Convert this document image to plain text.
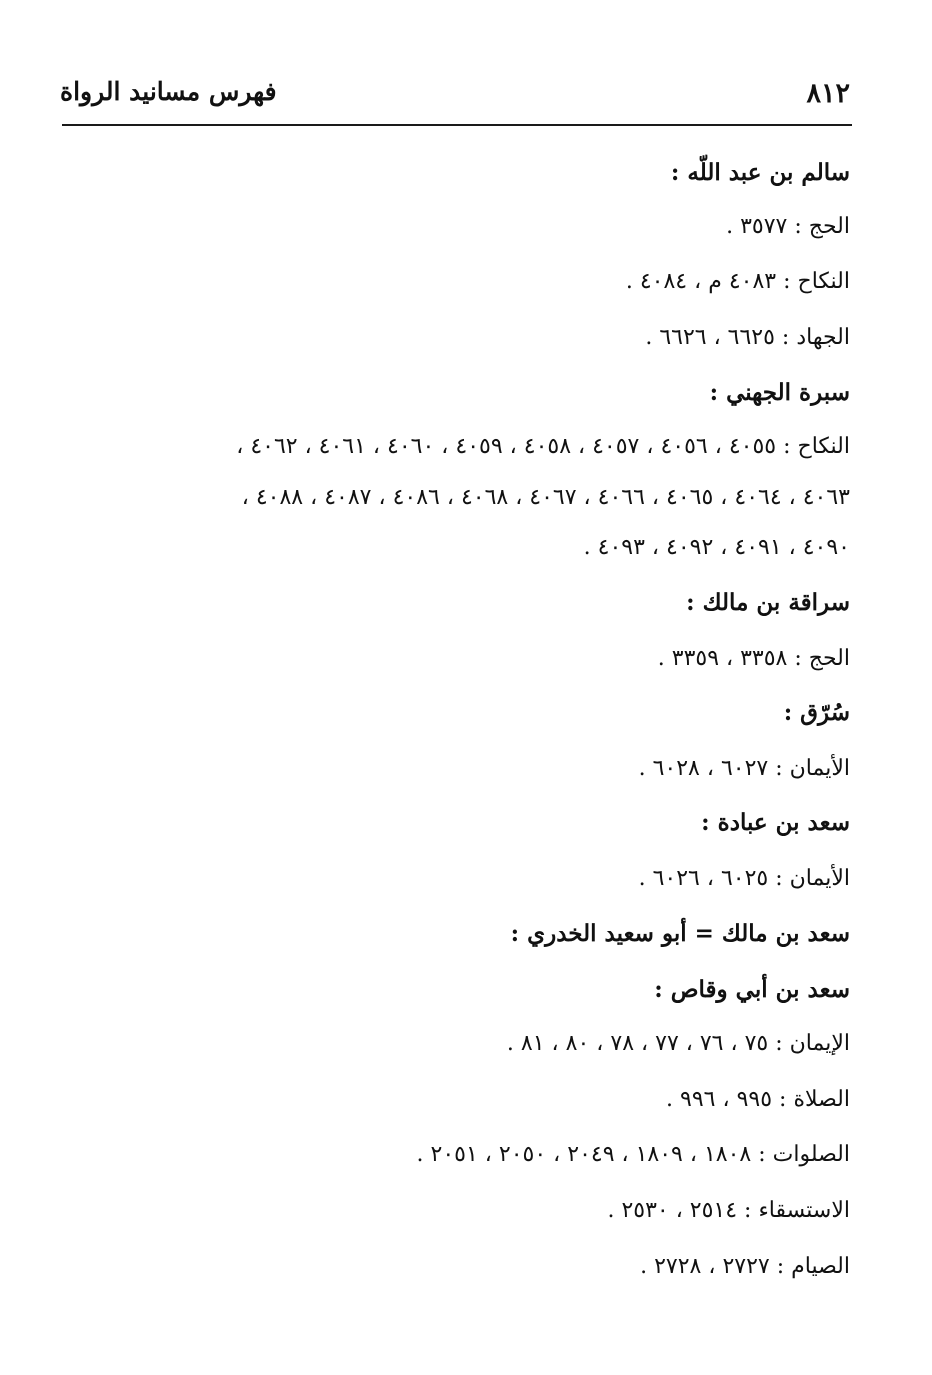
٨١٢
فهرس مسانيد الرواة
سالم بن عبد اللّه :
الحج : ٣٥٧٧ .
النكاح : ٤٠٨٣ م ، ٤٠٨٤ .
الجهاد : ٦٦٢٥ ، ٦٦٢٦ .
سبرة الجهني :
النكاح : ٤٠٥٥ ، ٤٠٥٦ ، ٤٠٥٧ ، ٤٠٥٨ ، ٤٠٥٩ ، ٤٠٦٠ ، ٤٠٦١ ، ٤٠٦٢ ،
٤٠٦٣ ، ٤٠٦٤ ، ٤٠٦٥ ، ٤٠٦٦ ، ٤٠٦٧ ، ٤٠٦٨ ، ٤٠٨٦ ، ٤٠٨٧ ، ٤٠٨٨ ،
٤٠٩٠ ، ٤٠٩١ ، ٤٠٩٢ ، ٤٠٩٣ .
سراقة بن مالك :
الحج : ٣٣٥٨ ، ٣٣٥٩ .
سُرّق :
الأيمان : ٦٠٢٧ ، ٦٠٢٨ .
سعد بن عبادة :
الأيمان : ٦٠٢٥ ، ٦٠٢٦ .
سعد بن مالك = أبو سعيد الخدري :
سعد بن أبي وقاص :
الإيمان : ٧٥ ، ٧٦ ، ٧٧ ، ٧٨ ، ٨٠ ، ٨١ .
الصلاة : ٩٩٥ ، ٩٩٦ .
الصلوات : ١٨٠٨ ، ١٨٠٩ ، ٢٠٤٩ ، ٢٠٥٠ ، ٢٠٥١ .
الاستسقاء : ٢٥١٤ ، ٢٥٣٠ .
الصيام : ٢٧٢٧ ، ٢٧٢٨ .
